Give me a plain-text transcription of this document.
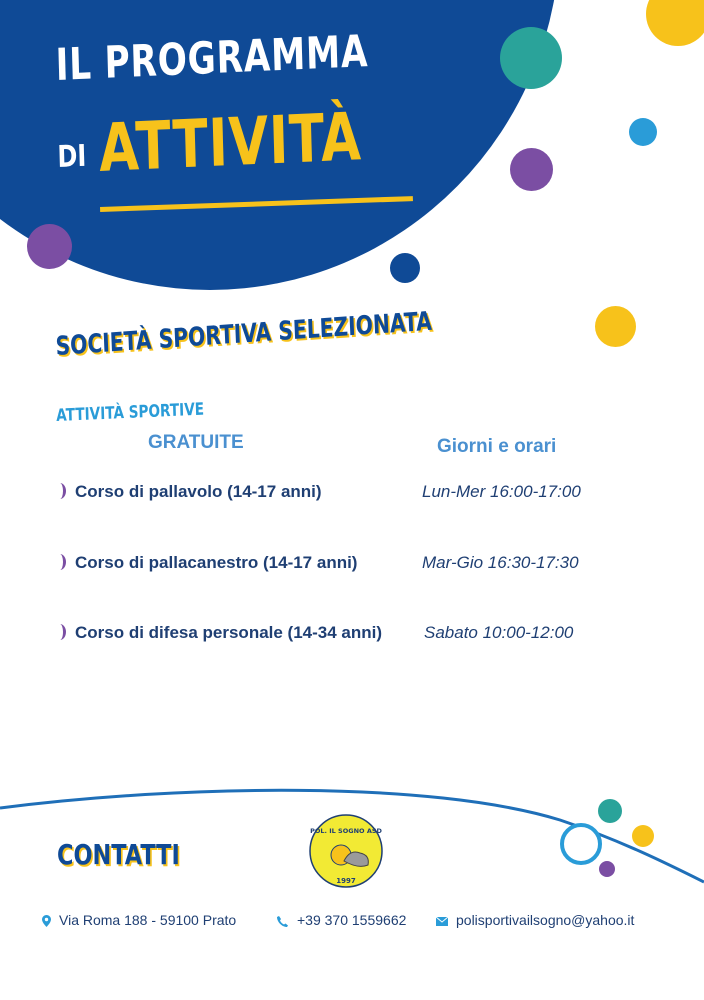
IL PROGRAMMA
DI ATTIVITÀ
SOCIETÀ SPORTIVA SELEZIONATA
ATTIVITÀ SPORTIVE
GRATUITE	Giorni e orari
Corso di pallavolo (14-17 anni)	Lun-Mer 16:00-17:00
Corso di pallacanestro (14-17 anni)	Mar-Gio 16:30-17:30
Corso di difesa personale (14-34 anni) Sabato 10:00-12:00
CONTATTI
POL. IL SOGNO ASD
1997
Via Roma 188 - 59100 Prato	+39 370 1559662	polisportivailsogno@yahoo.it
